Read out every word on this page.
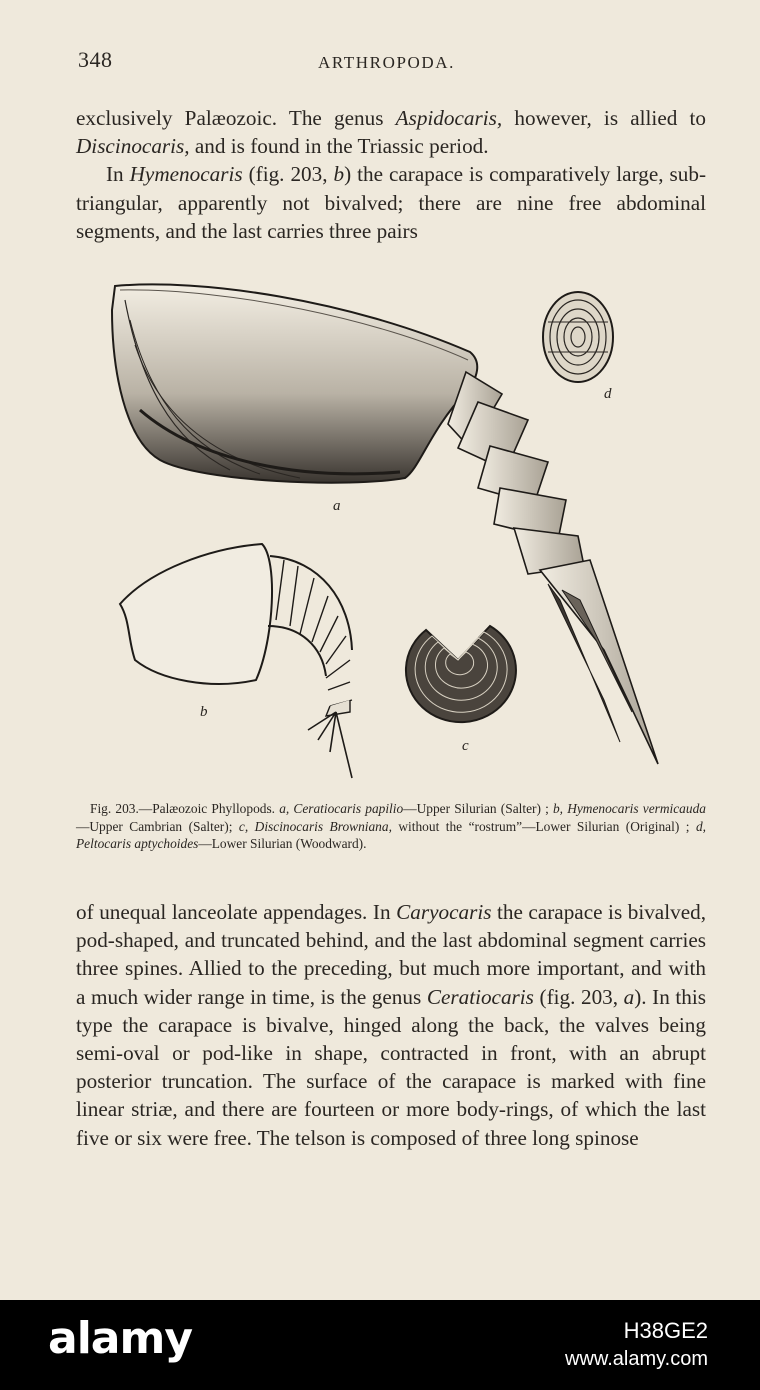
348	ARTHROPODA.

exclusively Palæozoic. The genus Aspidocaris, however, is allied to Discinocaris, and is found in the Triassic period.

In Hymenocaris (fig. 203, b) the carapace is comparatively large, sub-triangular, apparently not bivalved; there are nine free abdominal segments, and the last carries three pairs

a
d
b
c
Fig. 203.—Palæozoic Phyllopods. a, Ceratiocaris papilio—Upper Silurian (Salter) ; b, Hymenocaris vermicauda—Upper Cambrian (Salter); c, Discinocaris Browniana, without the “rostrum”—Lower Silurian (Original) ; d, Peltocaris aptychoides—Lower Silurian (Woodward).

of unequal lanceolate appendages. In Caryocaris the carapace is bivalved, pod-shaped, and truncated behind, and the last abdominal segment carries three spines. Allied to the preceding, but much more important, and with a much wider range in time, is the genus Ceratiocaris (fig. 203, a). In this type the carapace is bivalve, hinged along the back, the valves being semi-oval or pod-like in shape, contracted in front, with an abrupt posterior truncation. The surface of the carapace is marked with fine linear striæ, and there are fourteen or more body-rings, of which the last five or six were free. The telson is composed of three long spinose

alamy	H38GE2
www.alamy.com
